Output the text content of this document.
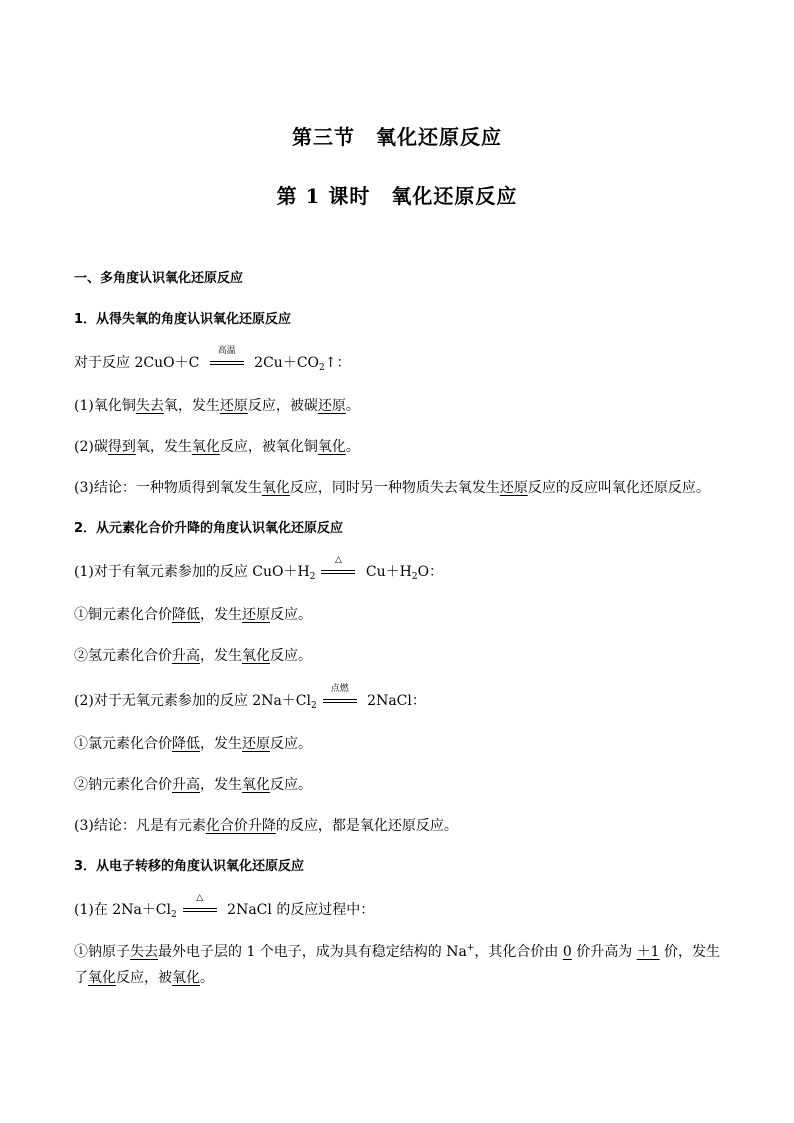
第三节　氧化还原反应
第 1 课时　氧化还原反应
一、多角度认识氧化还原反应
1．从得失氧的角度认识氧化还原反应
对于反应 2CuO＋C
高温
$2Cu+CO_2↑$：
(1)氧化铜失去氧，发生还原反应，被碳还原。
(2)碳得到氧，发生氧化反应，被氧化铜氧化。
(3)结论：一种物质得到氧发生氧化反应，同时另一种物质失去氧发生还原反应的反应叫氧化还原反应。
2．从元素化合价升降的角度认识氧化还原反应
(1)对于有氧元素参加的反应 $CuO+H_2$
△
$Cu+H_2O$：
①铜元素化合价降低，发生还原反应。
②氢元素化合价升高，发生氧化反应。
(2)对于无氧元素参加的反应 $2Na+Cl_2$
点燃
2NaCl：
①氯元素化合价降低，发生还原反应。
②钠元素化合价升高，发生氧化反应。
(3)结论：凡是有元素化合价升降的反应，都是氧化还原反应。
3．从电子转移的角度认识氧化还原反应
(1)在 $2Na+Cl_2$
△
2NaCl 的反应过程中：
①钠原子失去最外电子层的 1 个电子，成为具有稳定结构的 Na+，其化合价由 0 价升高为 ＋1 价，发生了氧化反应，被氧化。
